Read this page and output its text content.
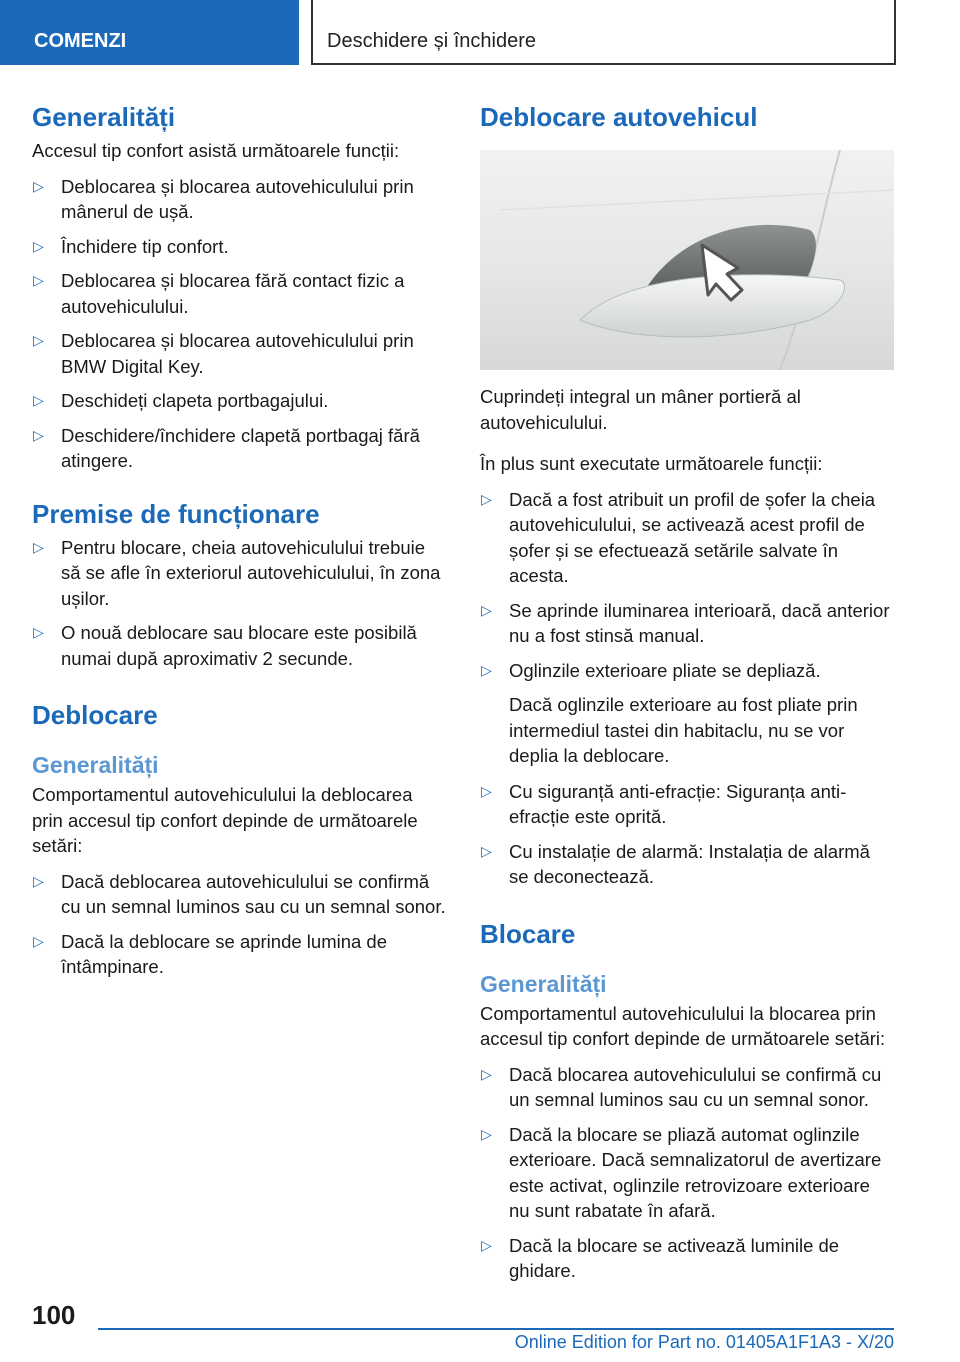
COMENZI	Deschidere și închidere
Generalități

Accesul tip confort asistă următoarele funcții:

▷ Deblocarea și blocarea autovehiculului prin mânerul de ușă.
▷ Închidere tip confort.
▷ Deblocarea și blocarea fără contact fizic a autovehiculului.
▷ Deblocarea și blocarea autovehiculului prin BMW Digital Key.
▷ Deschideți clapeta portbagajului.
▷ Deschidere/închidere clapetă portbagaj fără atingere.
Premise de funcționare
▷ Pentru blocare, cheia autovehiculului trebuie să se afle în exteriorul autovehiculului, în zona ușilor.
▷ O nouă deblocare sau blocare este posibilă numai după aproximativ 2 secunde.
Deblocare
Generalități

Comportamentul autovehiculului la deblocarea prin accesul tip confort depinde de următoarele setări:

▷ Dacă deblocarea autovehiculului se confirmă cu un semnal luminos sau cu un semnal sonor.
▷ Dacă la deblocare se aprinde lumina de întâmpinare.
Deblocare autovehicul

Cuprindeți integral un mâner portieră al autovehiculului.

În plus sunt executate următoarele funcții:

▷ Dacă a fost atribuit un profil de șofer la cheia autovehiculului, se activează acest profil de șofer și se efectuează setările salvate în acesta.
▷ Se aprinde iluminarea interioară, dacă anterior nu a fost stinsă manual.
▷ Oglinzile exterioare pliate se depliază.

Dacă oglinzile exterioare au fost pliate prin intermediul tastei din habitaclu, nu se vor deplia la deblocare.

▷ Cu siguranță anti-efracție: Siguranța anti-efracție este oprită.
▷ Cu instalație de alarmă: Instalația de alarmă se deconectează.
Blocare
Generalități

Comportamentul autovehiculului la blocarea prin accesul tip confort depinde de următoarele setări:

▷ Dacă blocarea autovehiculului se confirmă cu un semnal luminos sau cu un semnal sonor.
▷ Dacă la blocare se pliază automat oglinzile exterioare. Dacă semnalizatorul de avertizare este activat, oglinzile retrovizoare exterioare nu sunt rabatate în afară.
▷ Dacă la blocare se activează luminile de ghidare.
100
Online Edition for Part no. 01405A1F1A3 - X/20
